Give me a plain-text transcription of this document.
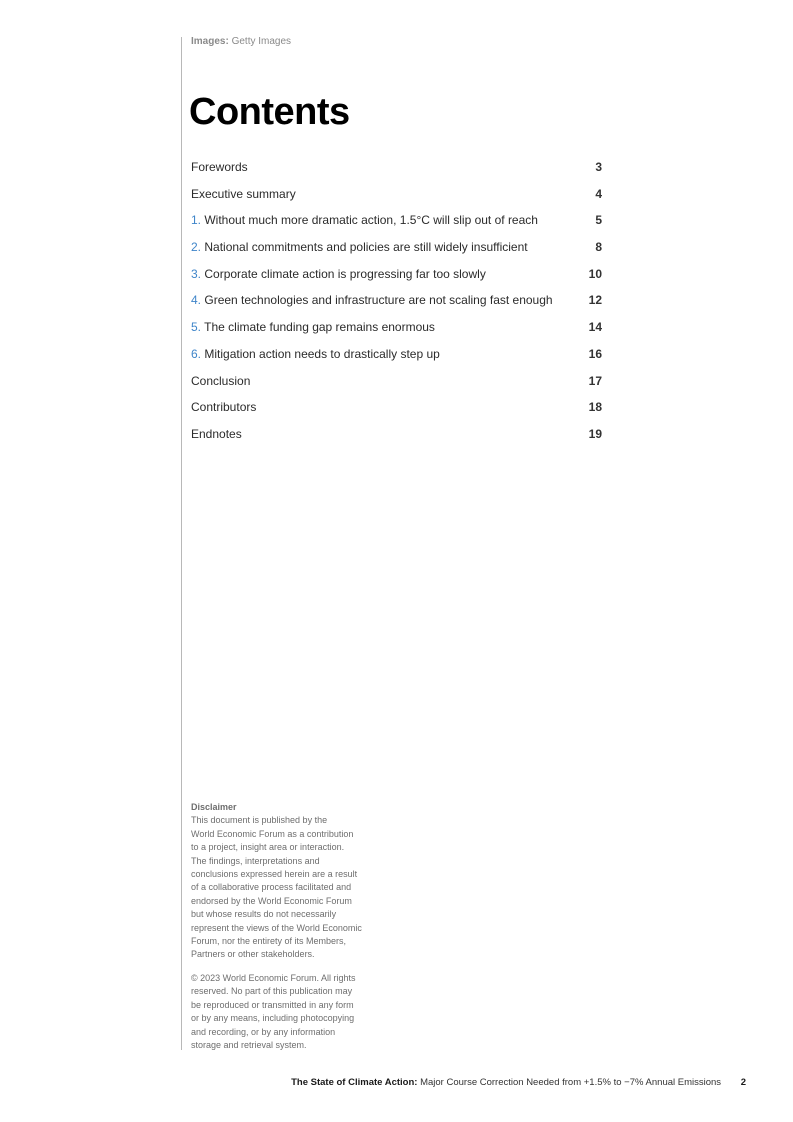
Images: Getty Images
Contents
Forewords	3
Executive summary	4
1. Without much more dramatic action, 1.5°C will slip out of reach	5
2. National commitments and policies are still widely insufficient	8
3. Corporate climate action is progressing far too slowly	10
4. Green technologies and infrastructure are not scaling fast enough	12
5. The climate funding gap remains enormous	14
6. Mitigation action needs to drastically step up	16
Conclusion	17
Contributors	18
Endnotes	19
Disclaimer

This document is published by the
World Economic Forum as a contribution
to a project, insight area or interaction.
The findings, interpretations and
conclusions expressed herein are a result
of a collaborative process facilitated and
endorsed by the World Economic Forum
but whose results do not necessarily
represent the views of the World Economic
Forum, nor the entirety of its Members,
Partners or other stakeholders.

© 2023 World Economic Forum. All rights
reserved. No part of this publication may
be reproduced or transmitted in any form
or by any means, including photocopying
and recording, or by any information
storage and retrieval system.

The State of Climate Action: Major Course Correction Needed from +1.5% to −7% Annual Emissions 2
